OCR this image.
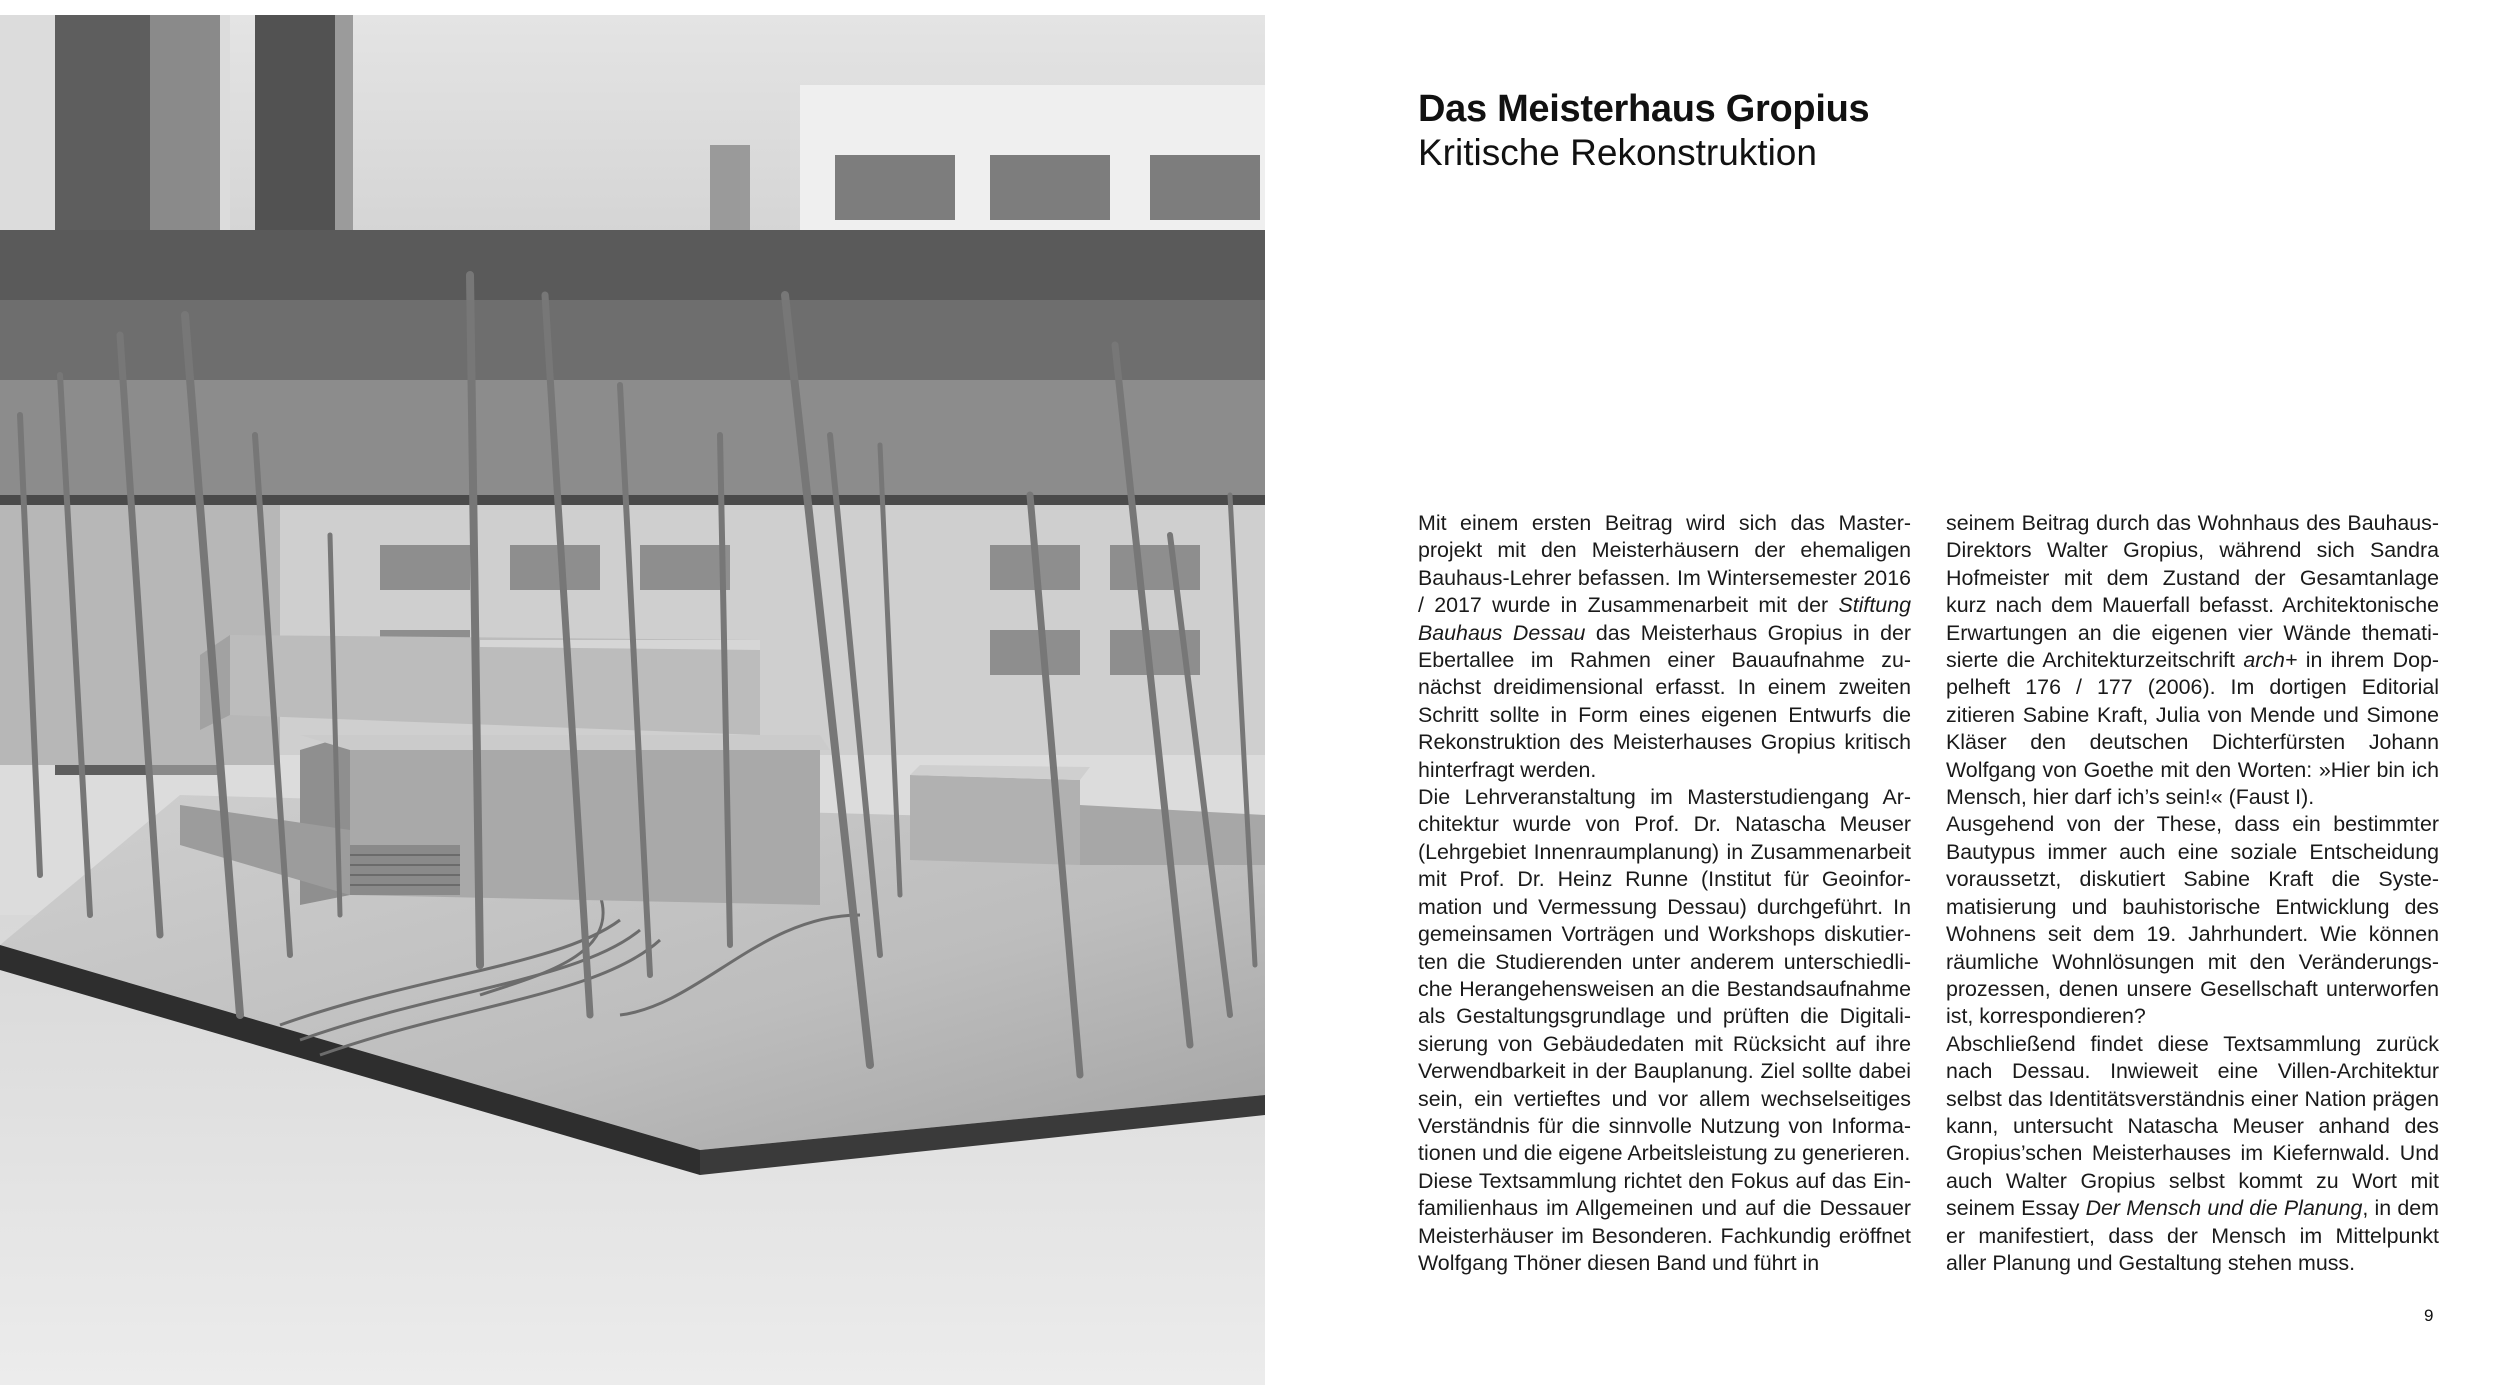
Das Meisterhaus Gropius
Kritische Rekonstruktion

Mit einem ersten Beitrag wird sich das Masterprojekt mit den Meisterhäusern der ehemaligen Bauhaus-Lehrer befassen. Im Wintersemester 2016 / 2017 wurde in Zusammenarbeit mit der Stiftung Bauhaus Dessau das Meisterhaus Gropius in der Ebertallee im Rahmen einer Bauaufnahme zunächst dreidimensional erfasst. In einem zweiten Schritt sollte in Form eines eigenen Entwurfs die Rekonstruktion des Meisterhauses Gropius kritisch hinterfragt werden.

Die Lehrveranstaltung im Masterstudiengang Architektur wurde von Prof. Dr. Natascha Meuser (Lehrgebiet Innenraumplanung) in Zusammenarbeit mit Prof. Dr. Heinz Runne (Institut für Geoinformation und Vermessung Dessau) durchgeführt. In gemeinsamen Vorträgen und Workshops diskutierten die Studierenden unter anderem unterschiedliche Herangehensweisen an die Bestandsaufnahme als Gestaltungsgrundlage und prüften die Digitalisierung von Gebäudedaten mit Rücksicht auf ihre Verwendbarkeit in der Bauplanung. Ziel sollte dabei sein, ein vertieftes und vor allem wechselseitiges Verständnis für die sinnvolle Nutzung von Informationen und die eigene Arbeitsleistung zu generieren.

Diese Textsammlung richtet den Fokus auf das Einfamilienhaus im Allgemeinen und auf die Dessauer Meisterhäuser im Besonderen. Fachkundig eröffnet Wolfgang Thöner diesen Band und führt in

seinem Beitrag durch das Wohnhaus des Bauhaus-Direktors Walter Gropius, während sich Sandra Hofmeister mit dem Zustand der Gesamtanlage kurz nach dem Mauerfall befasst. Architektonische Erwartungen an die eigenen vier Wände thematisierte die Architekturzeitschrift arch+ in ihrem Doppelheft 176 / 177 (2006). Im dortigen Editorial zitieren Sabine Kraft, Julia von Mende und Simone Kläser den deutschen Dichterfürsten Johann Wolfgang von Goethe mit den Worten: »Hier bin ich Mensch, hier darf ich’s sein!« (Faust I).

Ausgehend von der These, dass ein bestimmter Bautypus immer auch eine soziale Entscheidung voraussetzt, diskutiert Sabine Kraft die Systematisierung und bauhistorische Entwicklung des Wohnens seit dem 19. Jahrhundert. Wie können räumliche Wohnlösungen mit den Veränderungsprozessen, denen unsere Gesellschaft unterworfen ist, korrespondieren?

Abschließend findet diese Textsammlung zurück nach Dessau. Inwieweit eine Villen-Architektur selbst das Identitätsverständnis einer Nation prägen kann, untersucht Natascha Meuser anhand des Gropius’schen Meisterhauses im Kiefernwald. Und auch Walter Gropius selbst kommt zu Wort mit seinem Essay Der Mensch und die Planung, in dem er manifestiert, dass der Mensch im Mittelpunkt aller Planung und Gestaltung stehen muss.

9
